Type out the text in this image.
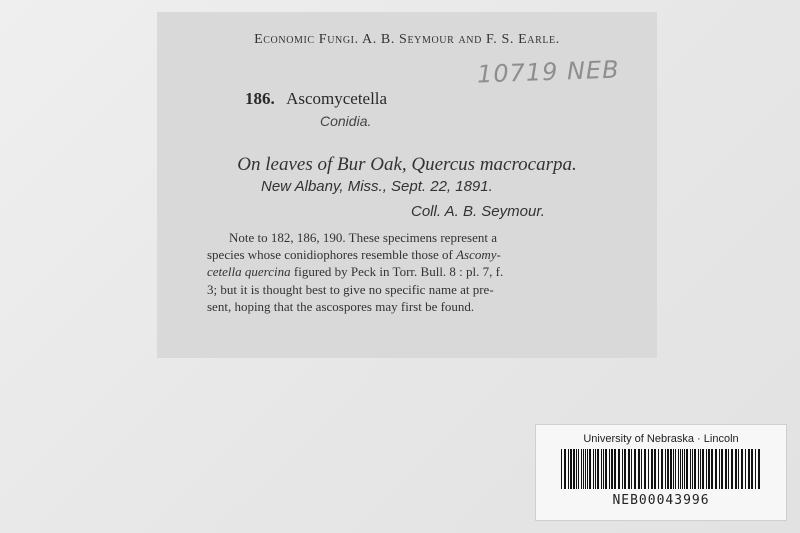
Economic Fungi. A. B. Seymour and F. S. Earle.
10719 NEB
186. Ascomycetella
Conidia.
On leaves of Bur Oak, Quercus macrocarpa.
New Albany, Miss., Sept. 22, 1891.
Coll. A. B. Seymour.
Note to 182, 186, 190. These specimens represent a
species whose conidiophores resemble those of Ascomy-
cetella quercina figured by Peck in Torr. Bull. 8 : pl. 7, f.
3; but it is thought best to give no specific name at pre-
sent, hoping that the ascospores may first be found.
University of Nebraska · Lincoln
NEB00043996
